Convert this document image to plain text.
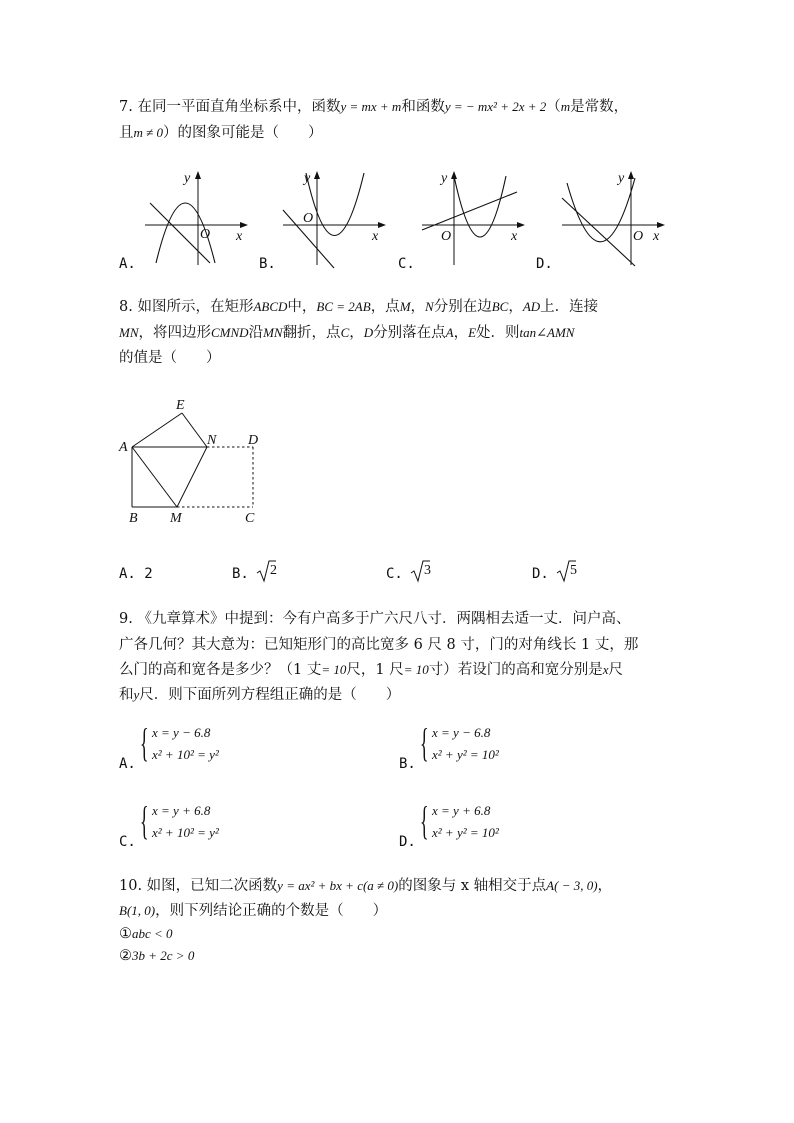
7. 在同一平面直角坐标系中，函数y = mx + m和函数y = − mx² + 2x + 2（m是常数，
且m ≠ 0）的图象可能是（　　）
y
x
O
A.
y
x
O
B.
y
x
O
C.
y
x
O
D.
8. 如图所示，在矩形ABCD中，BC = 2AB，点M，N分别在边BC，AD上．连接
MN，将四边形CMND沿MN翻折，点C，D分别落在点A，E处．则tan∠AMN
的值是（　　）
E
A	N D
B M	C
A. 2	B. 2	C. 3	D. 5
9. 《九章算术》中提到：今有户高多于广六尺八寸．两隅相去适一丈．问户高、
广各几何？其大意为：已知矩形门的高比宽多 6 尺 8 寸，门的对角线长 1 丈，那
么门的高和宽各是多少？（1 丈= 10尺，1 尺= 10寸）若设门的高和宽分别是x尺
和y尺．则下面所列方程组正确的是（　　）
A. { x = y − 6.8
x² + 10² = y²
B. { x = y − 6.8
x² + y² = 10²
C. { x = y + 6.8
x² + 10² = y²
D. { x = y + 6.8
x² + y² = 10²
10. 如图，已知二次函数y = ax² + bx + c(a ≠ 0)的图象与 x 轴相交于点A( − 3, 0)，
B(1, 0)，则下列结论正确的个数是（　　）
①abc < 0
②3b + 2c > 0
